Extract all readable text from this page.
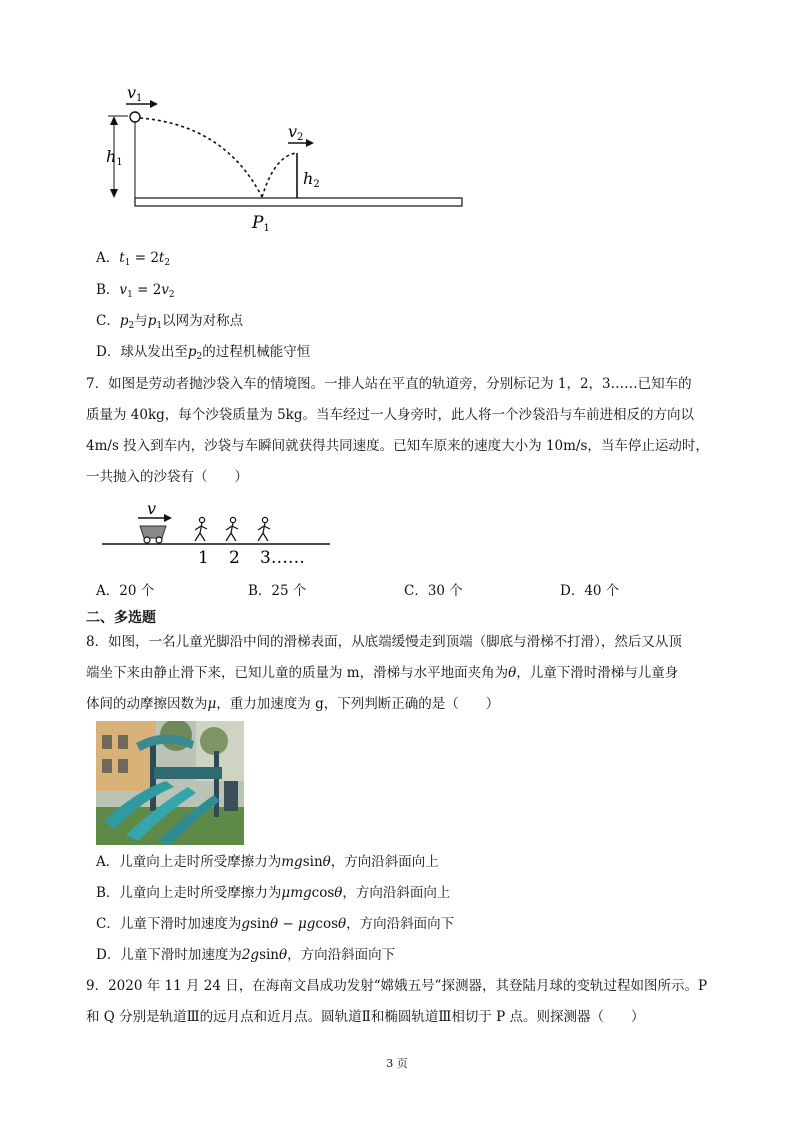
v1
h1
h2
v2
P1
A．$t_1 = 2t_2$
B．$v_1 = 2v_2$
C．$p_2$与$p_1$以网为对称点
D．球从发出至$p_2$的过程机械能守恒
7．如图是劳动者抛沙袋入车的情境图。一排人站在平直的轨道旁，分别标记为 1，2，3……已知车的
质量为 40kg，每个沙袋质量为 5kg。当车经过一人身旁时，此人将一个沙袋沿与车前进相反的方向以
4m/s 投入到车内，沙袋与车瞬间就获得共同速度。已知车原来的速度大小为 10m/s，当车停止运动时，
一共抛入的沙袋有（　　）
v
1 2 3……
A．20 个	B．25 个	C．30 个	D．40 个
二、多选题
8．如图，一名儿童光脚沿中间的滑梯表面，从底端缓慢走到顶端（脚底与滑梯不打滑），然后又从顶
端坐下来由静止滑下来，已知儿童的质量为 m，滑梯与水平地面夹角为θ，儿童下滑时滑梯与儿童身
体间的动摩擦因数为μ，重力加速度为 g，下列判断正确的是（　　）
A．儿童向上走时所受摩擦力为mgsinθ，方向沿斜面向上
B．儿童向上走时所受摩擦力为μmgcosθ，方向沿斜面向上
C．儿童下滑时加速度为gsinθ − μgcosθ，方向沿斜面向下
D．儿童下滑时加速度为2gsinθ，方向沿斜面向下
9．2020 年 11 月 24 日，在海南文昌成功发射“嫦娥五号”探测器，其登陆月球的变轨过程如图所示。P
和 Q 分别是轨道Ⅲ的远月点和近月点。圆轨道Ⅱ和椭圆轨道Ⅲ相切于 P 点。则探测器（　　）
3 页
